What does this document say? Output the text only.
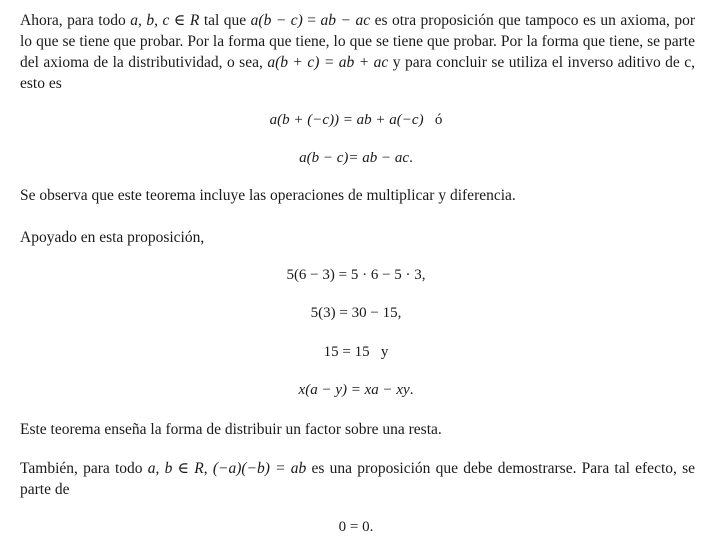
Ahora, para todo a, b, c ∈ R tal que a(b − c) = ab − ac es otra proposición que tampoco es un axioma, por lo que se tiene que probar. Por la forma que tiene, lo que se tiene que probar. Por la forma que tiene, se parte del axioma de la distributividad, o sea, a(b + c) = ab + ac y para concluir se utiliza el inverso aditivo de c, esto es

a(b + (−c)) = ab + a(−c)   ó

a(b − c)= ab − ac.

Se observa que este teorema incluye las operaciones de multiplicar y diferencia.

Apoyado en esta proposición,

5(6 − 3) = 5 · 6 − 5 · 3,

5(3) = 30 − 15,

15 = 15   y

x(a − y) = xa − xy.

Este teorema enseña la forma de distribuir un factor sobre una resta.

También, para todo a, b ∈ R, (−a)(−b) = ab es una proposición que debe demostrarse. Para tal efecto, se parte de

0 = 0.
